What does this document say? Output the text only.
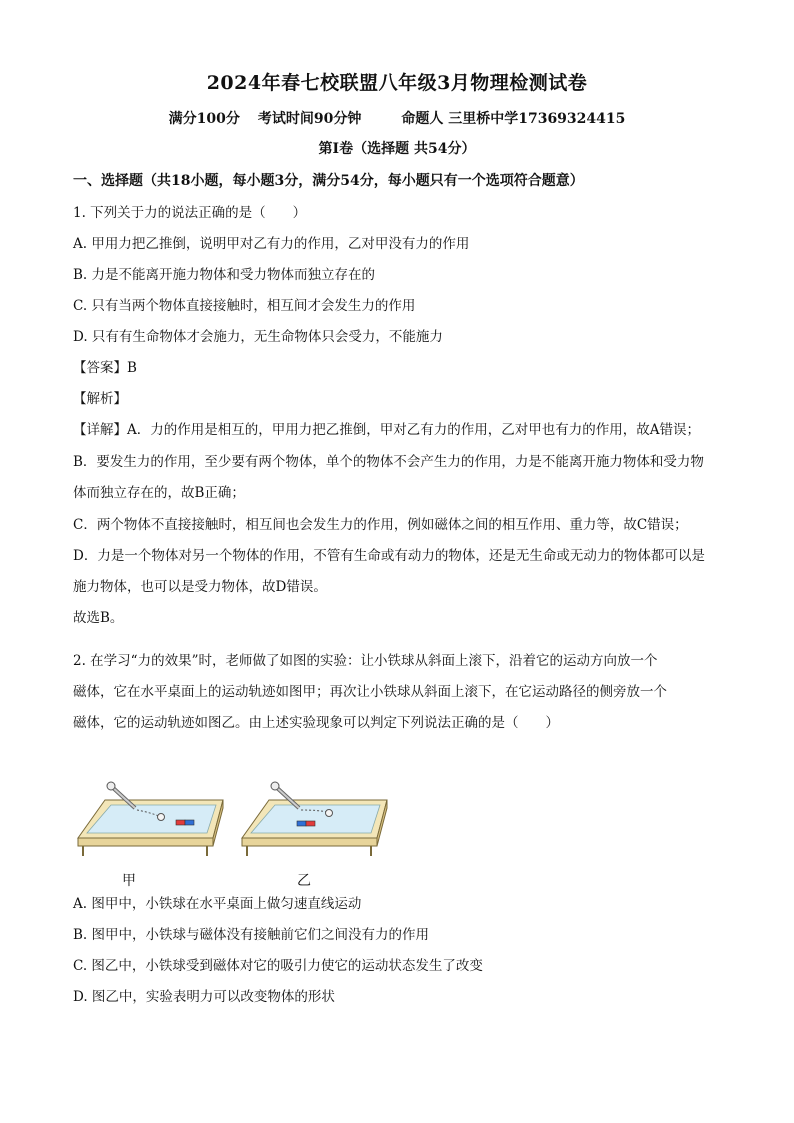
2024年春七校联盟八年级3月物理检测试卷
满分100分 考试时间90分钟	命题人 三里桥中学17369324415
第Ⅰ卷（选择题 共54分）
一、选择题（共18小题，每小题3分，满分54分，每小题只有一个选项符合题意）
1. 下列关于力的说法正确的是（　　）
A. 甲用力把乙推倒，说明甲对乙有力的作用，乙对甲没有力的作用
B. 力是不能离开施力物体和受力物体而独立存在的
C. 只有当两个物体直接接触时，相互间才会发生力的作用
D. 只有有生命物体才会施力，无生命物体只会受力，不能施力
【答案】B
【解析】
【详解】A．力的作用是相互的，甲用力把乙推倒，甲对乙有力的作用，乙对甲也有力的作用，故A错误；
B．要发生力的作用，至少要有两个物体，单个的物体不会产生力的作用，力是不能离开施力物体和受力物
体而独立存在的，故B正确；
C．两个物体不直接接触时，相互间也会发生力的作用，例如磁体之间的相互作用、重力等，故C错误；
D．力是一个物体对另一个物体的作用，不管有生命或有动力的物体，还是无生命或无动力的物体都可以是
施力物体，也可以是受力物体，故D错误。
故选B。
2. 在学习“力的效果”时，老师做了如图的实验：让小铁球从斜面上滚下，沿着它的运动方向放一个
磁体，它在水平桌面上的运动轨迹如图甲；再次让小铁球从斜面上滚下，在它运动路径的侧旁放一个
磁体，它的运动轨迹如图乙。由上述实验现象可以判定下列说法正确的是（　　）
甲	乙
A. 图甲中，小铁球在水平桌面上做匀速直线运动
B. 图甲中，小铁球与磁体没有接触前它们之间没有力的作用
C. 图乙中，小铁球受到磁体对它的吸引力使它的运动状态发生了改变
D. 图乙中，实验表明力可以改变物体的形状
